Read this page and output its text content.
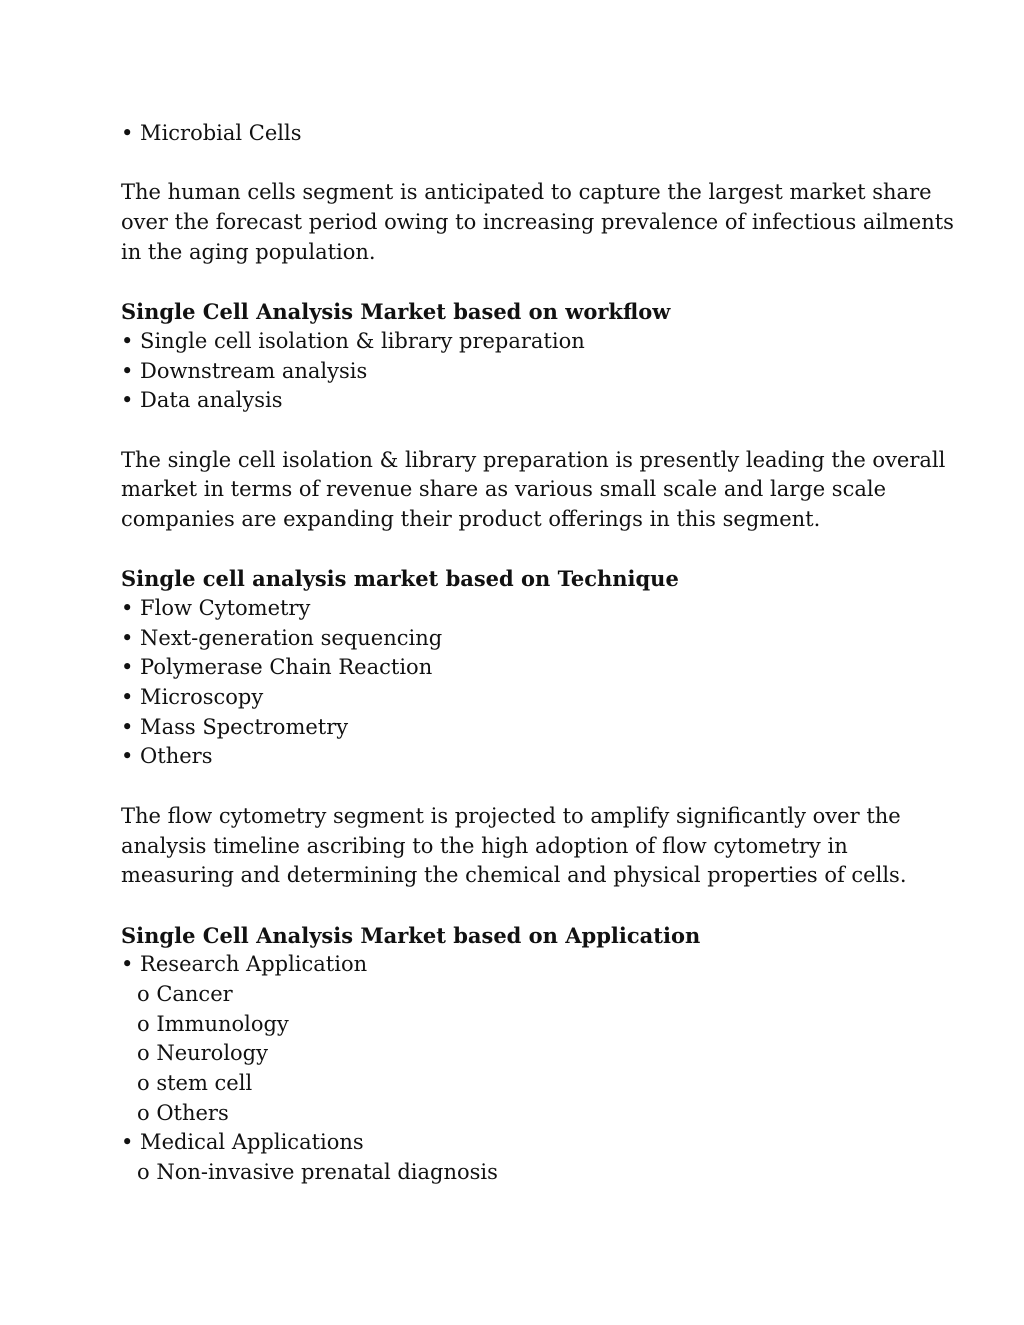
• Microbial Cells
The human cells segment is anticipated to capture the largest market share
over the forecast period owing to increasing prevalence of infectious ailments
in the aging population.
Single Cell Analysis Market based on workflow
• Single cell isolation & library preparation
• Downstream analysis
• Data analysis
The single cell isolation & library preparation is presently leading the overall
market in terms of revenue share as various small scale and large scale
companies are expanding their product offerings in this segment.
Single cell analysis market based on Technique
• Flow Cytometry
• Next-generation sequencing
• Polymerase Chain Reaction
• Microscopy
• Mass Spectrometry
• Others
The flow cytometry segment is projected to amplify significantly over the
analysis timeline ascribing to the high adoption of flow cytometry in
measuring and determining the chemical and physical properties of cells.
Single Cell Analysis Market based on Application
• Research Application
o Cancer
o Immunology
o Neurology
o stem cell
o Others
• Medical Applications
o Non-invasive prenatal diagnosis
